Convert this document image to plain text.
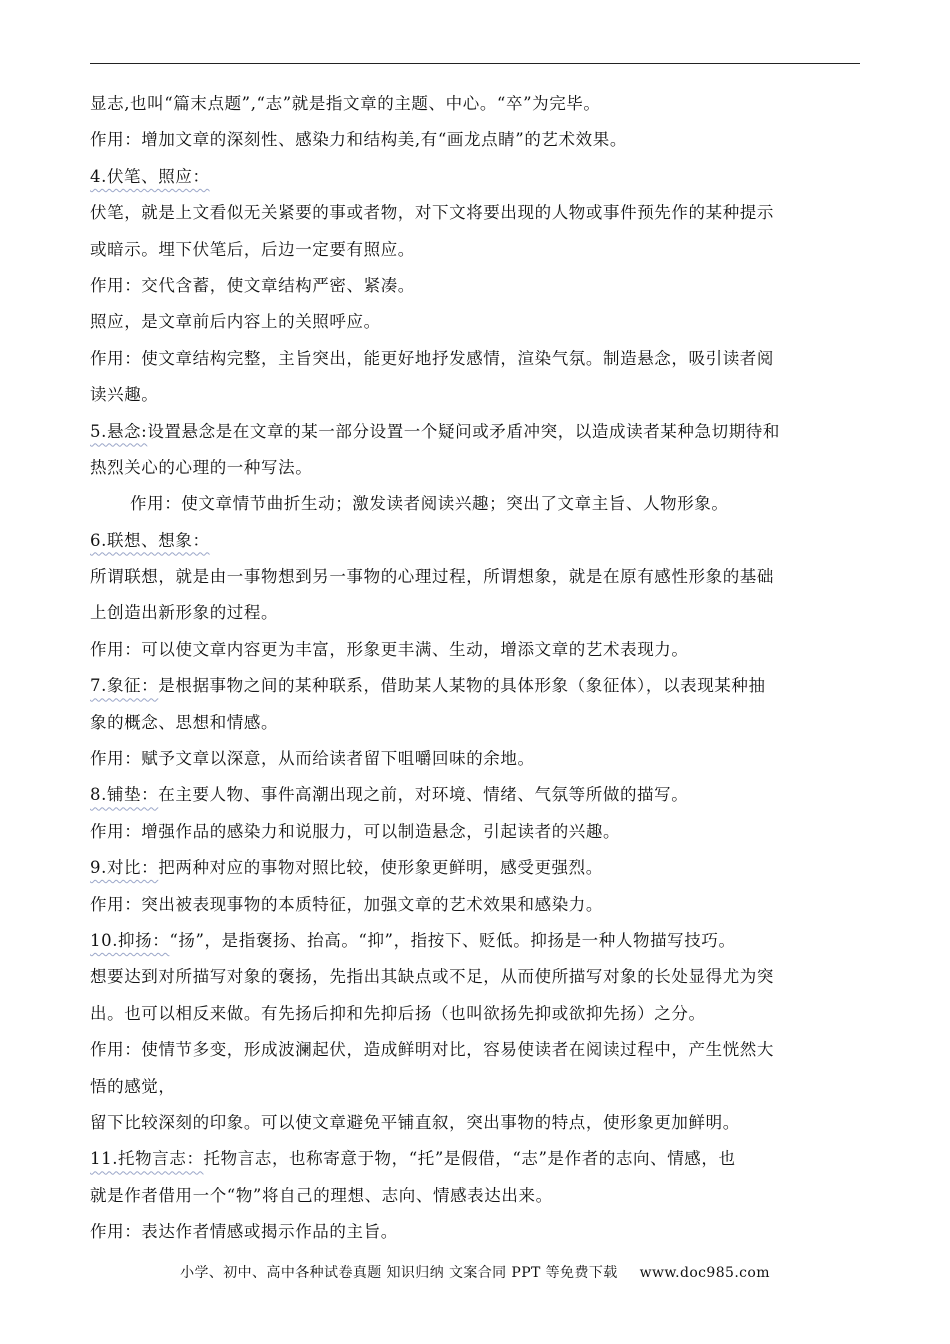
显志,也叫“篇末点题”,“志”就是指文章的主题、中心。“卒”为完毕。
作用：增加文章的深刻性、感染力和结构美,有“画龙点睛”的艺术效果。
4.伏笔、照应：
伏笔，就是上文看似无关紧要的事或者物，对下文将要出现的人物或事件预先作的某种提示
或暗示。埋下伏笔后，后边一定要有照应。
作用：交代含蓄，使文章结构严密、紧凑。
照应，是文章前后内容上的关照呼应。
作用：使文章结构完整，主旨突出，能更好地抒发感情，渲染气氛。制造悬念，吸引读者阅
读兴趣。
5.悬念:设置悬念是在文章的某一部分设置一个疑问或矛盾冲突，以造成读者某种急切期待和
热烈关心的心理的一种写法。
作用：使文章情节曲折生动；激发读者阅读兴趣；突出了文章主旨、人物形象。
6.联想、想象：
所谓联想，就是由一事物想到另一事物的心理过程，所谓想象，就是在原有感性形象的基础
上创造出新形象的过程。
作用：可以使文章内容更为丰富，形象更丰满、生动，增添文章的艺术表现力。
7.象征：是根据事物之间的某种联系，借助某人某物的具体形象（象征体），以表现某种抽
象的概念、思想和情感。
作用：赋予文章以深意，从而给读者留下咀嚼回味的余地。
8.铺垫：在主要人物、事件高潮出现之前，对环境、情绪、气氛等所做的描写。
作用：增强作品的感染力和说服力，可以制造悬念，引起读者的兴趣。
9.对比：把两种对应的事物对照比较，使形象更鲜明，感受更强烈。
作用：突出被表现事物的本质特征，加强文章的艺术效果和感染力。
10.抑扬：“扬”，是指褒扬、抬高。“抑”，指按下、贬低。抑扬是一种人物描写技巧。
想要达到对所描写对象的褒扬，先指出其缺点或不足，从而使所描写对象的长处显得尤为突
出。也可以相反来做。有先扬后抑和先抑后扬（也叫欲扬先抑或欲抑先扬）之分。
作用：使情节多变，形成波澜起伏，造成鲜明对比，容易使读者在阅读过程中，产生恍然大
悟的感觉，
留下比较深刻的印象。可以使文章避免平铺直叙，突出事物的特点，使形象更加鲜明。
11.托物言志：托物言志，也称寄意于物，“托”是假借，“志”是作者的志向、情感，也
就是作者借用一个“物”将自己的理想、志向、情感表达出来。
作用：表达作者情感或揭示作品的主旨。
小学、初中、高中各种试卷真题 知识归纳 文案合同 PPT 等免费下载 www.doc985.com
